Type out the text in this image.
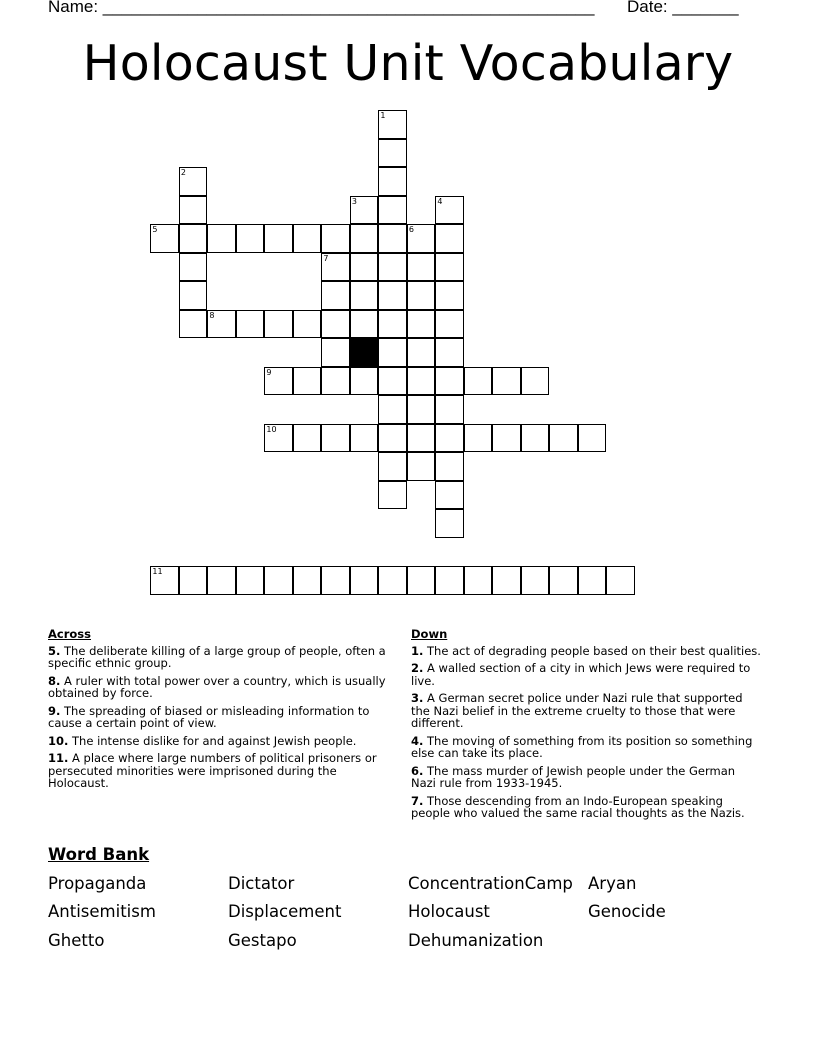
Name: ____________________________________________________ Date: _______
Holocaust Unit Vocabulary
1
2
3	4
5	6
7
8
9
10
11
Across
5. The deliberate killing of a large group of people, often a specific ethnic group.
8. A ruler with total power over a country, which is usually obtained by force.
9. The spreading of biased or misleading information to cause a certain point of view.
10. The intense dislike for and against Jewish people.
11. A place where large numbers of political prisoners or persecuted minorities were imprisoned during the Holocaust.
Down
1. The act of degrading people based on their best qualities.
2. A walled section of a city in which Jews were required to live.
3. A German secret police under Nazi rule that supported the Nazi belief in the extreme cruelty to those that were different.
4. The moving of something from its position so something else can take its place.
6. The mass murder of Jewish people under the German Nazi rule from 1933-1945.
7. Those descending from an Indo-European speaking people who valued the same racial thoughts as the Nazis.
Word Bank
Propaganda	Dictator	ConcentrationCamp Aryan
Antisemitism	Displacement	Holocaust	Genocide
Ghetto	Gestapo	Dehumanization
